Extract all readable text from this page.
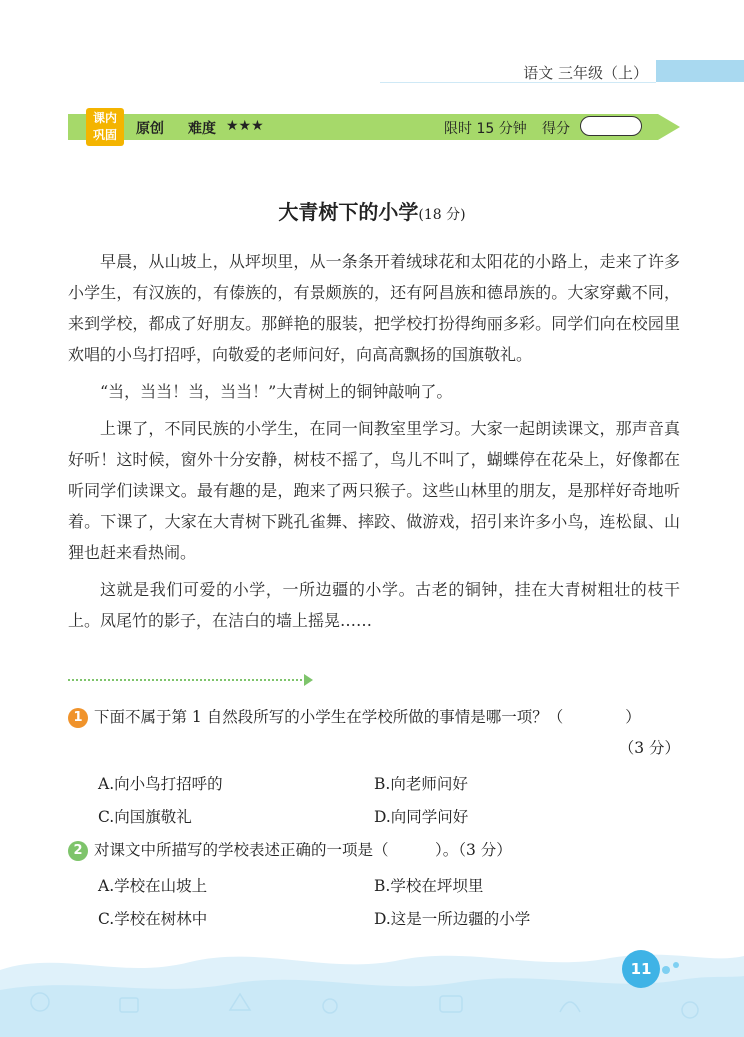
语文 三年级（上）
课内
巩固	原创 难度 ★★★	限时 15 分钟 得分
大青树下的小学(18 分)

早晨，从山坡上，从坪坝里，从一条条开着绒球花和太阳花的小路上，走来了许多小学生，有汉族的，有傣族的，有景颇族的，还有阿昌族和德昂族的。大家穿戴不同，来到学校，都成了好朋友。那鲜艳的服装，把学校打扮得绚丽多彩。同学们向在校园里欢唱的小鸟打招呼，向敬爱的老师问好，向高高飘扬的国旗敬礼。

“当，当当！当，当当！”大青树上的铜钟敲响了。

上课了，不同民族的小学生，在同一间教室里学习。大家一起朗读课文，那声音真好听！这时候，窗外十分安静，树枝不摇了，鸟儿不叫了，蝴蝶停在花朵上，好像都在听同学们读课文。最有趣的是，跑来了两只猴子。这些山林里的朋友，是那样好奇地听着。下课了，大家在大青树下跳孔雀舞、摔跤、做游戏，招引来许多小鸟，连松鼠、山狸也赶来看热闹。

这就是我们可爱的小学，一所边疆的小学。古老的铜钟，挂在大青树粗壮的枝干上。凤尾竹的影子，在洁白的墙上摇晃……

1 下面不属于第 1 自然段所写的小学生在学校所做的事情是哪一项？（　　　　）
（3 分）
A.向小鸟打招呼的	B.向老师问好
C.向国旗敬礼	D.向同学问好
2 对课文中所描写的学校表述正确的一项是（　　　）。（3 分）
A.学校在山坡上	B.学校在坪坝里
C.学校在树林中	D.这是一所边疆的小学
11
